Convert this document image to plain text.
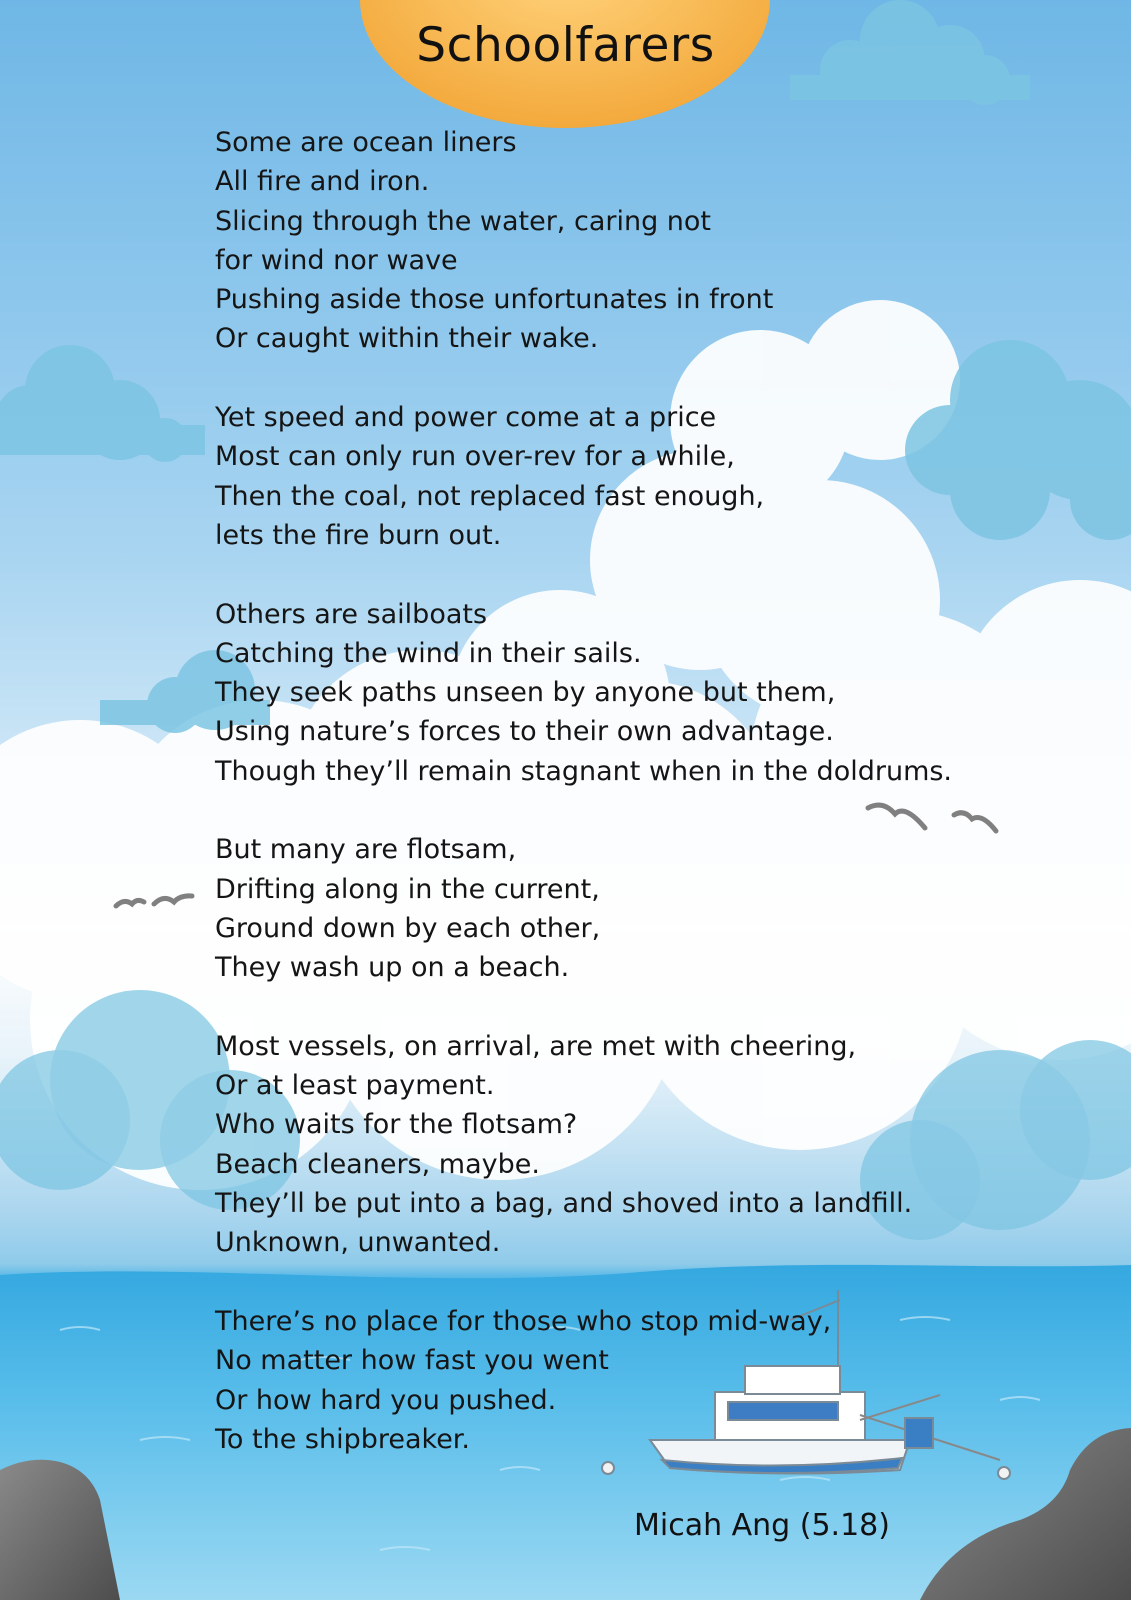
Schoolfarers
Some are ocean liners
All fire and iron.
Slicing through the water, caring not
for wind nor wave
Pushing aside those unfortunates in front
Or caught within their wake.
Yet speed and power come at a price
Most can only run over-rev for a while,
Then the coal, not replaced fast enough,
lets the fire burn out.
Others are sailboats
Catching the wind in their sails.
They seek paths unseen by anyone but them,
Using nature’s forces to their own advantage.
Though they’ll remain stagnant when in the doldrums.
But many are flotsam,
Drifting along in the current,
Ground down by each other,
They wash up on a beach.
Most vessels, on arrival, are met with cheering,
Or at least payment.
Who waits for the flotsam?
Beach cleaners, maybe.
They’ll be put into a bag, and shoved into a landfill.
Unknown, unwanted.
There’s no place for those who stop mid-way,
No matter how fast you went
Or how hard you pushed.
To the shipbreaker.
Micah Ang (5.18)
